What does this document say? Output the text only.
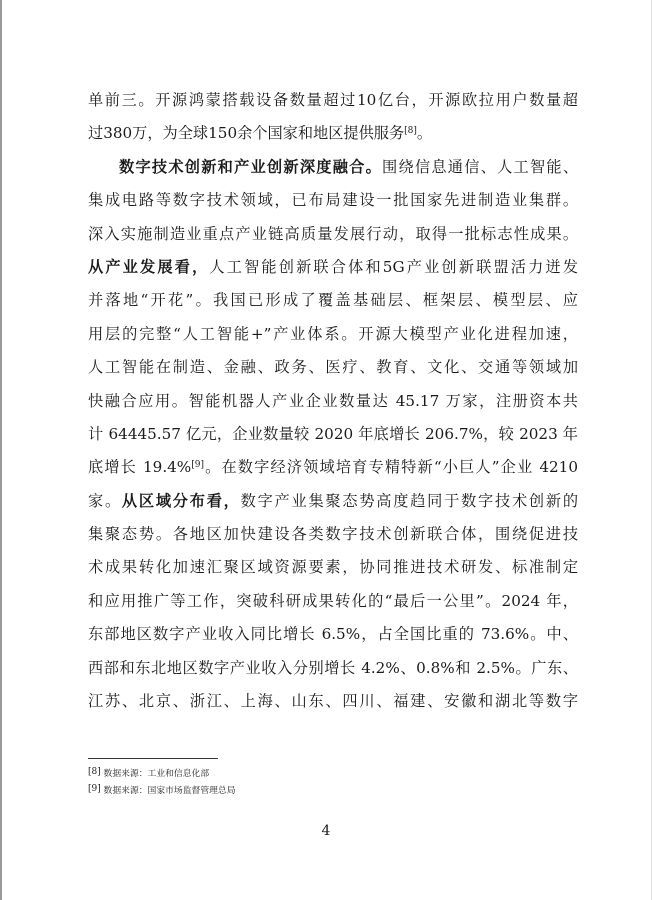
单前三。开源鸿蒙搭载设备数量超过10亿台，开源欧拉用户数量超
过380万，为全球150余个国家和地区提供服务[8]。
数字技术创新和产业创新深度融合。围绕信息通信、人工智能、
集成电路等数字技术领域，已布局建设一批国家先进制造业集群。
深入实施制造业重点产业链高质量发展行动，取得一批标志性成果。
从产业发展看，人工智能创新联合体和5G产业创新联盟活力迸发
并落地“开花”。我国已形成了覆盖基础层、框架层、模型层、应
用层的完整“人工智能+”产业体系。开源大模型产业化进程加速，
人工智能在制造、金融、政务、医疗、教育、文化、交通等领域加
快融合应用。智能机器人产业企业数量达 45.17 万家，注册资本共
计 64445.57 亿元，企业数量较 2020 年底增长 206.7%，较 2023 年
底增长 19.4%[9]。在数字经济领域培育专精特新“小巨人”企业 4210
家。从区域分布看，数字产业集聚态势高度趋同于数字技术创新的
集聚态势。各地区加快建设各类数字技术创新联合体，围绕促进技
术成果转化加速汇聚区域资源要素，协同推进技术研发、标准制定
和应用推广等工作，突破科研成果转化的“最后一公里”。2024 年，
东部地区数字产业收入同比增长 6.5%，占全国比重的 73.6%。中、
西部和东北地区数字产业收入分别增长 4.2%、0.8%和 2.5%。广东、
江苏、北京、浙江、上海、山东、四川、福建、安徽和湖北等数字
[8] 数据来源：工业和信息化部
[9] 数据来源：国家市场监督管理总局
4
